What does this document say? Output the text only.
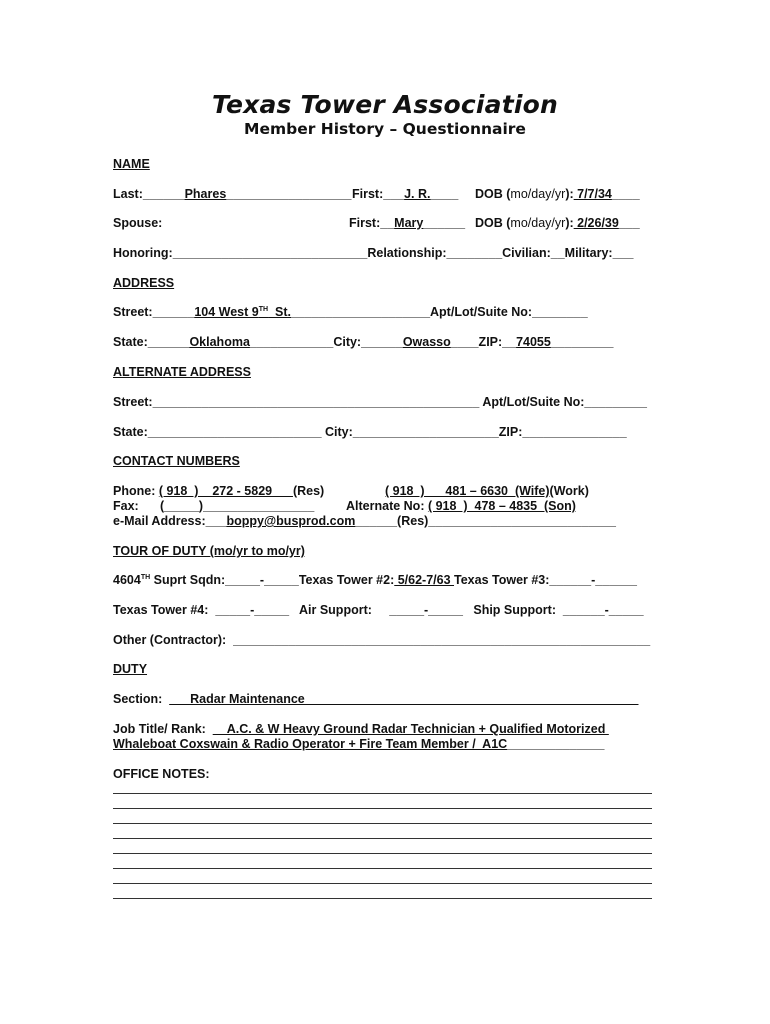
Texas Tower Association
Member History – Questionnaire
NAME
Last:______Phares__________________ First:___J. R.____ DOB (mo/day/yr): 7/7/34____
Spouse:	First:__Mary______ DOB (mo/day/yr): 2/26/39___
Honoring:____________________________Relationship:________Civilian:__Military:___
ADDRESS
Street:______104 West 9TH  St.____________________Apt/Lot/Suite No:________
State:______Oklahoma____________City:______Owasso____ZIP:__74055_________
ALTERNATE ADDRESS
Street:_______________________________________________ Apt/Lot/Suite No:_________
State:_________________________ City:_____________________ZIP:_______________
CONTACT NUMBERS
Phone: ( 918  )    272 - 5829      (Res)	( 918  )      481 – 6630  (Wife)(Work)
Fax: (_____)________________	Alternate No: ( 918  )  478 – 4835  (Son)
e-Mail Address:___boppy@busprod.com______(Res)___________________________
TOUR OF DUTY (mo/yr to mo/yr)
4604TH Suprt Sqdn:_____-_____Texas Tower #2: 5/62-7/63 Texas Tower #3:______-______
Texas Tower #4:  _____-_____   Air Support:     _____-_____   Ship Support:  ______-_____
Other (Contractor):  ____________________________________________________________
DUTY
Section:  ___Radar Maintenance________________________________________________
Job Title/ Rank:  __A.C. & W Heavy Ground Radar Technician + Qualified Motorized
Whaleboat Coxswain & Radio Operator + Fire Team Member /  A1C______________
OFFICE NOTES:
